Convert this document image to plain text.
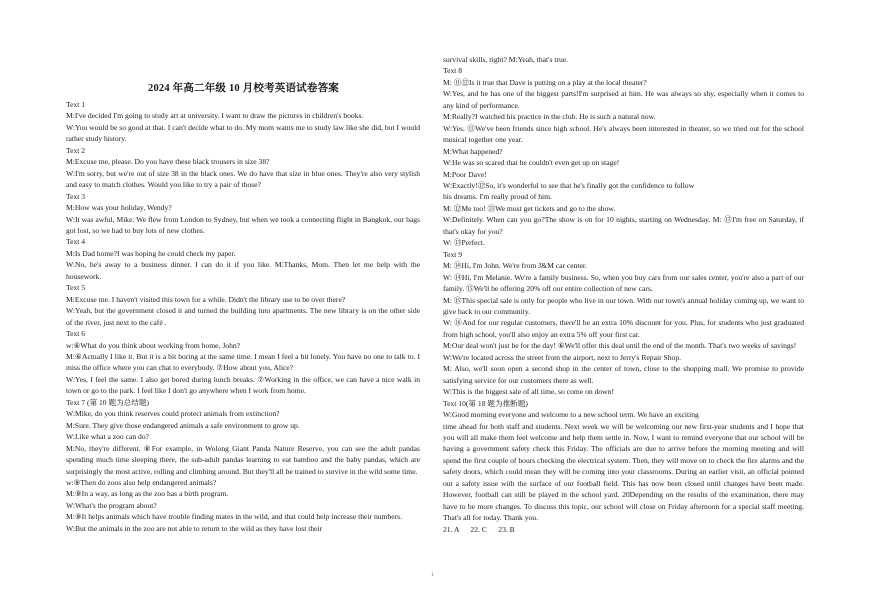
2024 年高二年级 10 月校考英语试卷答案

Text 1

M:I've decided I'm going to study art at university. I want to draw the pictures in children's books.

W:You would be so good at that. I can't decide what to do. My mom wants me to study law like she did, but I would rather study history.

Text 2

M:Excuse me, please. Do you have these black trousers in size 38?

W:I'm sorry, but we're out of size 38 in the black ones. We do have that size in blue ones. They're also very stylish and easy to match clothes. Would you like to try a pair of those?

Text 3

M:How was your holiday, Wendy?

W:It was awful, Mike. We flew from London to Sydney, but when we took a connecting flight in Bangkok, our bags got lost, so we had to buy lots of new clothes.

Text 4

M:Is Dad home?I was hoping he could check my paper.

W:No, he's away to a business dinner. I can do it if you like. M:Thanks, Mom. Then let me help with the housework.

Text 5

M:Excuse me. I haven't visited this town for a while. Didn't the library use to be over there?

W:Yeah, but the government closed it and turned the building into apartments. The new library is on the other side of the river, just next to the café .

Text 6

w:⑥What do you think about working from home, John?

M:⑥Actually I like it. But it is a bit boring at the same time. I mean I feel a bit lonely. You have no one to talk to. I miss the office where you can chat to everybody. ⑦How about you, Alice?

W:Yes, I feel the same. I also get bored during lunch breaks. ⑦Working in the office, we can have a nice walk in town or go to the park. I feel like I don't go anywhere when I work from home.

Text 7 (第 10 题为总结题)

W:Mike, do you think reserves could protect animals from extinction?

M:Sure. They give those endangered animals a safe environment to grow up.

W:Like what a zoo can do?

M:No, they're different. ⑧For example, in Wolong Giant Panda Nature Reserve, you can see the adult pandas spending much time sleeping there, the sub-adult pandas learning to eat bamboo and the baby pandas, which are surprisingly the most active, rolling and climbing around. But they'll all be trained to survive in the wild some time.

w:⑨Then do zoos also help endangered animals?

M:⑨In a way, as long as the zoo has a birth program.

W:What's the program about?

M:⑨It helps animals which have trouble finding mates in the wild, and that could help increase their numbers.

W:But the animals in the zoo are not able to return to the wild as they have lost their

survival skills, right? M:Yeah, that's true.

Text 8

M: ⑪⑫Is it true that Dave is putting on a play at the local theater?

W:Yes, and he has one of the biggest parts!I'm surprised at him. He was always so shy, especially when it comes to any kind of performance.

M:Really?I watched his practice in the club. He is such a natural now.

W:Yes. ⑪We've been friends since high school. He's always been interested in theater, so we tried out for the school musical together one year.

M:What happened?

W:He was so scared that he couldn't even get up on stage!

M:Poor Dave!

W:Exactly!⑫So, it's wonderful to see that he's finally got the confidence to follow

his dreams. I'm really proud of him.

M: ⑫Me too! ⑬We must get tickets and go to the show.

W:Definitely. When can you go?The show is on for 10 nights, starting on Wednesday. M: ⑬I'm free on Saturday, if that's okay for you?

W: ⑬Perfect.

Text 9

M: ⑭Hi, I'm John. We're from J&M car center.

W: ⑭Hi, I'm Melanie. We're a family business. So, when you buy cars from our sales center, you're also a part of our family. ⑮We'll be offering 20% off our entire collection of new cars.

M: ⑮This special sale is only for people who live in our town. With our town's annual holiday coming up, we want to give back to our community.

W: ⑯And for our regular customers, there'll be an extra 10% discount for you. Plus, for students who just graduated from high school, you'll also enjoy an extra 5% off your first car.

M:Our deal won't just be for the day! ⑥We'll offer this deal until the end of the month. That's two weeks of savings!

W:We're located across the street from the airport, next to Jerry's Repair Shop.

M: Also, we'll soon open a second shop in the center of town, close to the shopping mall. We promise to provide satisfying service for our customers there as well.

W:This is the biggest sale of all time, so come on down!

Text 10(第 18 题为推断题)

W:Good morning everyone and welcome to a new school term. We have an exciting

time ahead for both staff and students. Next week we will be welcoming our new first-year students and I hope that you will all make them feel welcome and help them settle in. Now, I want to remind everyone that our school will be having a government safety check this Friday. The officials are due to arrive before the morning meeting and will spend the first couple of hours checking the electrical system. Then, they will move on to check the fire alarms and the safety doors, which could mean they will be coming into your classrooms. During an earlier visit, an official pointed out a safety issue with the surface of our football field. This has now been closed until changes have been made. However, football can still be played in the school yard. 20Depending on the results of the examination, there may have to be more changes. To discuss this topic, our school will close on Friday afternoon for a special staff meeting. That's all for today. Thank you.

21. A      22. C      23. B

1
